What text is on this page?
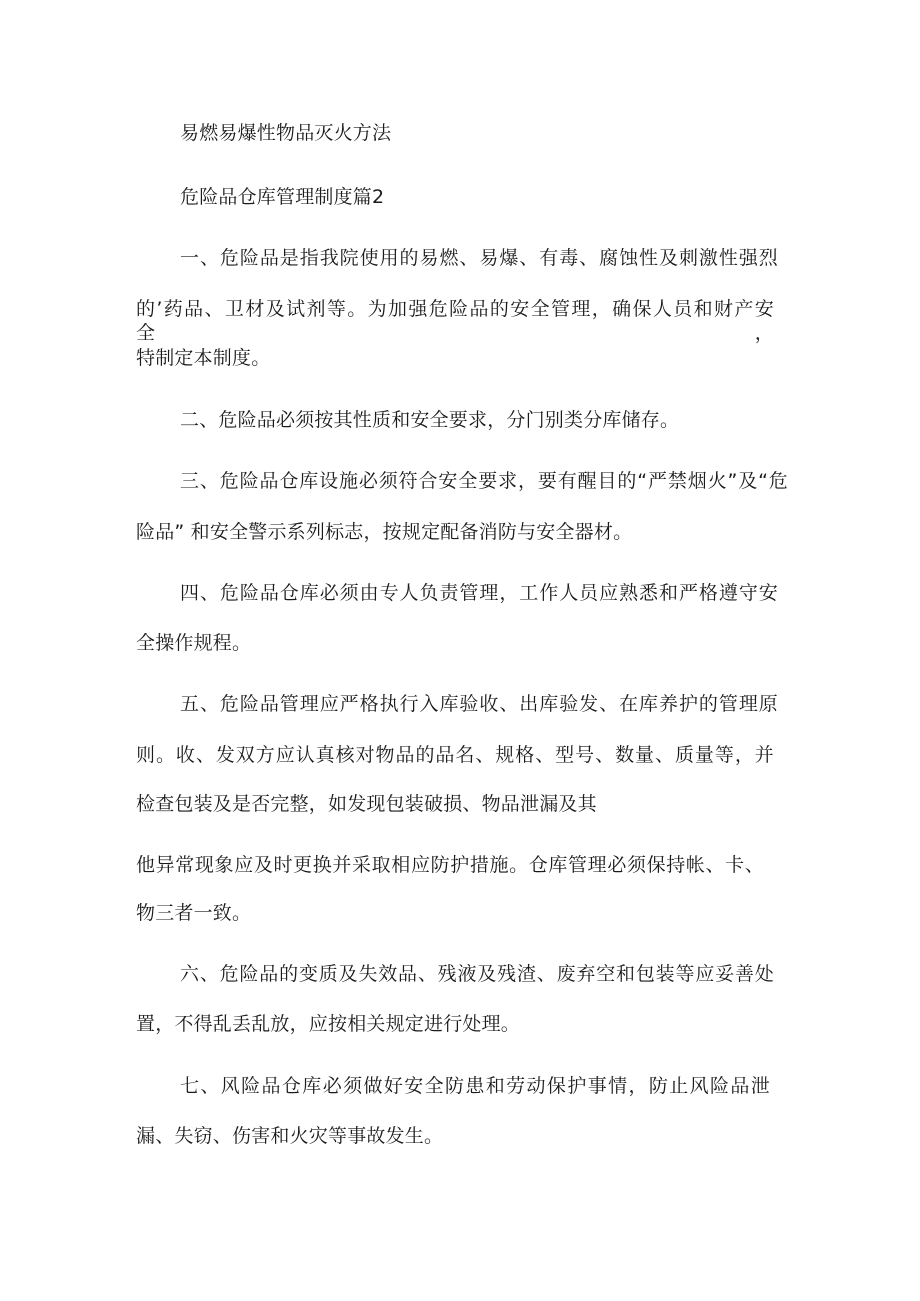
易燃易爆性物品灭火方法
危险品仓库管理制度篇2
一、危险品是指我院使用的易燃、易爆、有毒、腐蚀性及刺激性强烈
的’药品、卫材及试剂等。为加强危险品的安全管理，确保人员和财产安全，
特制定本制度。
二、危险品必须按其性质和安全要求，分门别类分库储存。
三、危险品仓库设施必须符合安全要求，要有醒目的“严禁烟火”及“危
险品” 和安全警示系列标志，按规定配备消防与安全器材。
四、危险品仓库必须由专人负责管理，工作人员应熟悉和严格遵守安
全操作规程。
五、危险品管理应严格执行入库验收、出库验发、在库养护的管理原
则。收、发双方应认真核对物品的品名、规格、型号、数量、质量等，并
检查包装及是否完整，如发现包装破损、物品泄漏及其
他异常现象应及时更换并采取相应防护措施。仓库管理必须保持帐、卡、
物三者一致。
六、危险品的变质及失效品、残液及残渣、废弃空和包装等应妥善处
置，不得乱丢乱放，应按相关规定进行处理。
七、风险品仓库必须做好安全防患和劳动保护事情，防止风险品泄
漏、失窃、伤害和火灾等事故发生。
